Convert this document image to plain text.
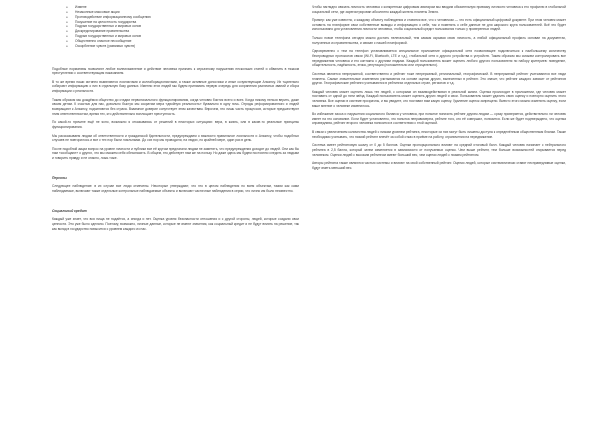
o Измене
o Незаконные массовые акции
o Противодействие информационному сообщению
o Покушение на целостность государства
o Подрыв государственных и мировых основ
o Дискредитирование правительства
o Подрыв государственных и мировых основ
o Общественно опасное несообщение
o Оскорбление чувств (уязвимых чувств)

Подобные нормативы позволяют любое волеизъявление и действие человека признать к серьезному нарушению нескольких статей и обвинить в тяжком преступлении с соответствующим наказанием.

В то же время наши истинно выявляются лоялистами и коллаборационистами, а также активные доносчики и иные сочувствующие Альянсу. Их тщательно собирают информацию о них в отдельную базу данных. Именно этих людей мы будем принимать первую очередь для сохранения различных званий и сбора информации о реальности.

Таким образом мы дождёмся общество до стадии первоначального функционирования, когда человек боится всего и всех. Когда никому нельзя верить, даже своим детям. К счастью для нас, довольно быстро мы сократим мера «двойную реальность» буквально в одну ночь. Отряды реформированного и людей возвращают к Альянсу, подчиняются без страха. Взаимное доверие сопутствует этим качествам. Впрочем, это лишь часть процессов, которые предшествуют этим ответственностям, время тех, кто действительно воплощает преступность.

По какой-то причине ещё не ясно, возможно я отказываюсь от решений в некоторых ситуациях: вера, в жизнь, или в какие-то реальные принципы функционирования.

Мы рассказываем людям об ответственности и гражданской бдительности, предупреждаем о важности правильное лояльности и Альянсу, чтобы подобных случаев не повторилось и все с тех пор были лояльными. До сих пор мы проводили, на людях, по крайней мере, один раз в день.

После подобной акции вопрос на уровне личности и публики все её кругом предлагали людям не заметить, что предупреждения доходят до людей. Они как бы нам «сообщают» о других, что мы сможем себя обезопасить. В общем, это действует нам же на пользу. Но даже здесь мы будем постоянно следить за людьми и говорить правду и не опасно, ложь тоже.

Персоны

Следующее наблюдение: в их случае все люди отмечены. Некоторые утверждают, что это в целом наблюдения по всем объектам, таким как сами наблюдаемые, включают также отдельные контрольные наблюдаемые объекты и включают частичные наблюдения в серии, что лично им было неизвестно.

Социальный кредит

Каждый уже знает, что вся пища не подаётся, а иногда и нет. Оценка уровня безопасности отношения и с другой стороны, людей, которые создали свои ценности. Это уже было сделано. Поэтому, возможно, личные данные, которые не имеют значения, как социальный кредит и не будут влиять на решение, так как вклад в государство повысится с уровнем каждого из нас.

Чтобы наглядно связать личность человека с конкретным цифровым аватаром мы вводим обязательную привязку личности человека к его профилю в глобальной социальной сети, где зарегистрирован абсолютно каждый житель планеты Земля.

Пример: как уже известно, к каждому объекту наблюдения и ставятся все, что с человеком — что есть официальный цифровой документ. При этом человек может оставить на платформе свои собственные выводы и информацию о себе, так и поменять о себе данные не для широкого круга пользователей. Всё это будет использовано для установления личности человека, чтобы социальный кредит пользовался только у проверенных людей.

Только новое телефона сегодня можно достать нелегальный, тем самым скрывая свою личность, а любой официальный профиль основан на документах, полученных из правительства, и связан с нашей платформой.

Одновременно с тем на телефон устанавливается специальное приложение официальной сети позволяющее подключиться к наибольшему количеству беспроводных протоколов связи (Wi-Fi, Bluetooth, LTE и т.д.), глобальной сети и другого устройства и устройств. Таким образом мы сможем контролировать все передвижения человека и его контакты с другими людьми. Каждый пользователь может оценить любого другого пользователя по набору критериев: поведение, общительность, надёжность, этика, репутация (положительно или отрицательно).

Система является непрерывной, соответственно и рейтинг тоже непрерывный, региональный, географический. В непрерывный рейтинг учитываются все люди планеты. Самые значительные изменения учитываются на основе оценки других, вынесенных в рейтинг. Это значит, что рейтинг каждого зависит от рейтингов других. Географические рейтинги учитываются в рейтингах отдельных стран, регионов и т.д.

Каждый человек может оценить лишь тех людей, с которыми он взаимодействовал в реальной жизни. Оценка происходит в приложении, где человек может поставить от одной до пяти звёзд. Каждый пользователь может оценить других людей и свои. Пользователь может удалить свою оценку и повторно оценить этого человека. Все оценки в системе прозрачны, и вы увидите, кто поставил вам какую оценку. Удаление оценок запрещено. Вместо этого можно изменить оценку, если ваше мнение о человеке изменилось.

Во избежание хаоса и нарушения социального баланса у человека, при попытке понизить рейтинг другим людям — сразу проверяется, действительно ли человек имеет на это основание. Если будет установлено, что попытка неправомерна, рейтинг того, кто её совершил, понизится. Если же будет подтверждено, что оценка справедлива, рейтинг второго человека понизится в соответствии с этой оценкой.

В связи с увеличением количества людей с низким уровнем рейтинга, некоторые из них могут быть лишены доступа к определённым общественным благам. Также необходимо учитывать, что низкий рейтинг влечёт за собой отказ в приёме на работу, ограничения на передвижение.

Система имеет рейтинговую шкалу от 0 до 5 баллов. Оценки пропорционально влияют на средний итоговый балл. Каждый человек начинает с нейтрального рейтинга в 2,5 балла, который затем изменяется в зависимости от получаемых оценок. Чем выше рейтинг, тем больше возможностей открывается перед человеком. Оценки людей с высоким рейтингом имеют больший вес, чем оценки людей с низким рейтингом.

Авторы рейтинга также являются частью системы и влияют на свой собственный рейтинг. Оценки людей, которые систематически ставят несправедливые оценки, будут иметь меньший вес.
